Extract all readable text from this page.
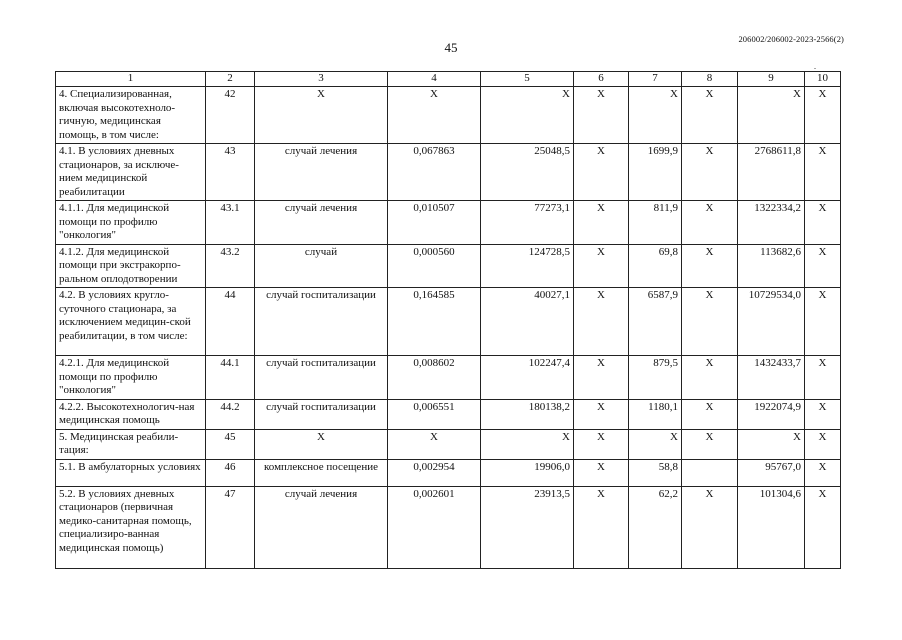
45
206002/206002-2023-2566(2)
.
1	2	3	4	5	6	7	8	9	10
4. Специализированная, включая высокотехноло-гичную, медицинская помощь, в том числе:	42	Х	Х	Х	Х	Х	Х	Х	Х
4.1. В условиях дневных стационаров, за исключе-нием медицинской реабилитации	43	случай лечения	0,067863	25048,5	Х	1699,9	Х	2768611,8	Х
4.1.1. Для медицинской помощи по профилю "онкология"	43.1	случай лечения	0,010507	77273,1	Х	811,9	Х	1322334,2	Х
4.1.2. Для медицинской помощи при экстракорпо-ральном оплодотворении	43.2	случай	0,000560	124728,5	Х	69,8	Х	113682,6	Х
4.2. В условиях кругло-суточного стационара, за исключением медицин-ской реабилитации, в том числе:	44	случай госпитализации	0,164585	40027,1	Х	6587,9	Х	10729534,0	Х
4.2.1. Для медицинской помощи по профилю "онкология"	44.1	случай госпитализации	0,008602	102247,4	Х	879,5	Х	1432433,7	Х
4.2.2. Высокотехнологич-ная медицинская помощь	44.2	случай госпитализации	0,006551	180138,2	Х	1180,1	Х	1922074,9	Х
5. Медицинская реабили-тация:	45	Х	Х	Х	Х	Х	Х	Х	Х
5.1. В амбулаторных условиях	46	комплексное посещение	0,002954	19906,0	Х	58,8		95767,0	Х
5.2. В условиях дневных стационаров (первичная медико-санитарная помощь, специализиро-ванная медицинская помощь)	47	случай лечения	0,002601	23913,5	Х	62,2	Х	101304,6	Х
